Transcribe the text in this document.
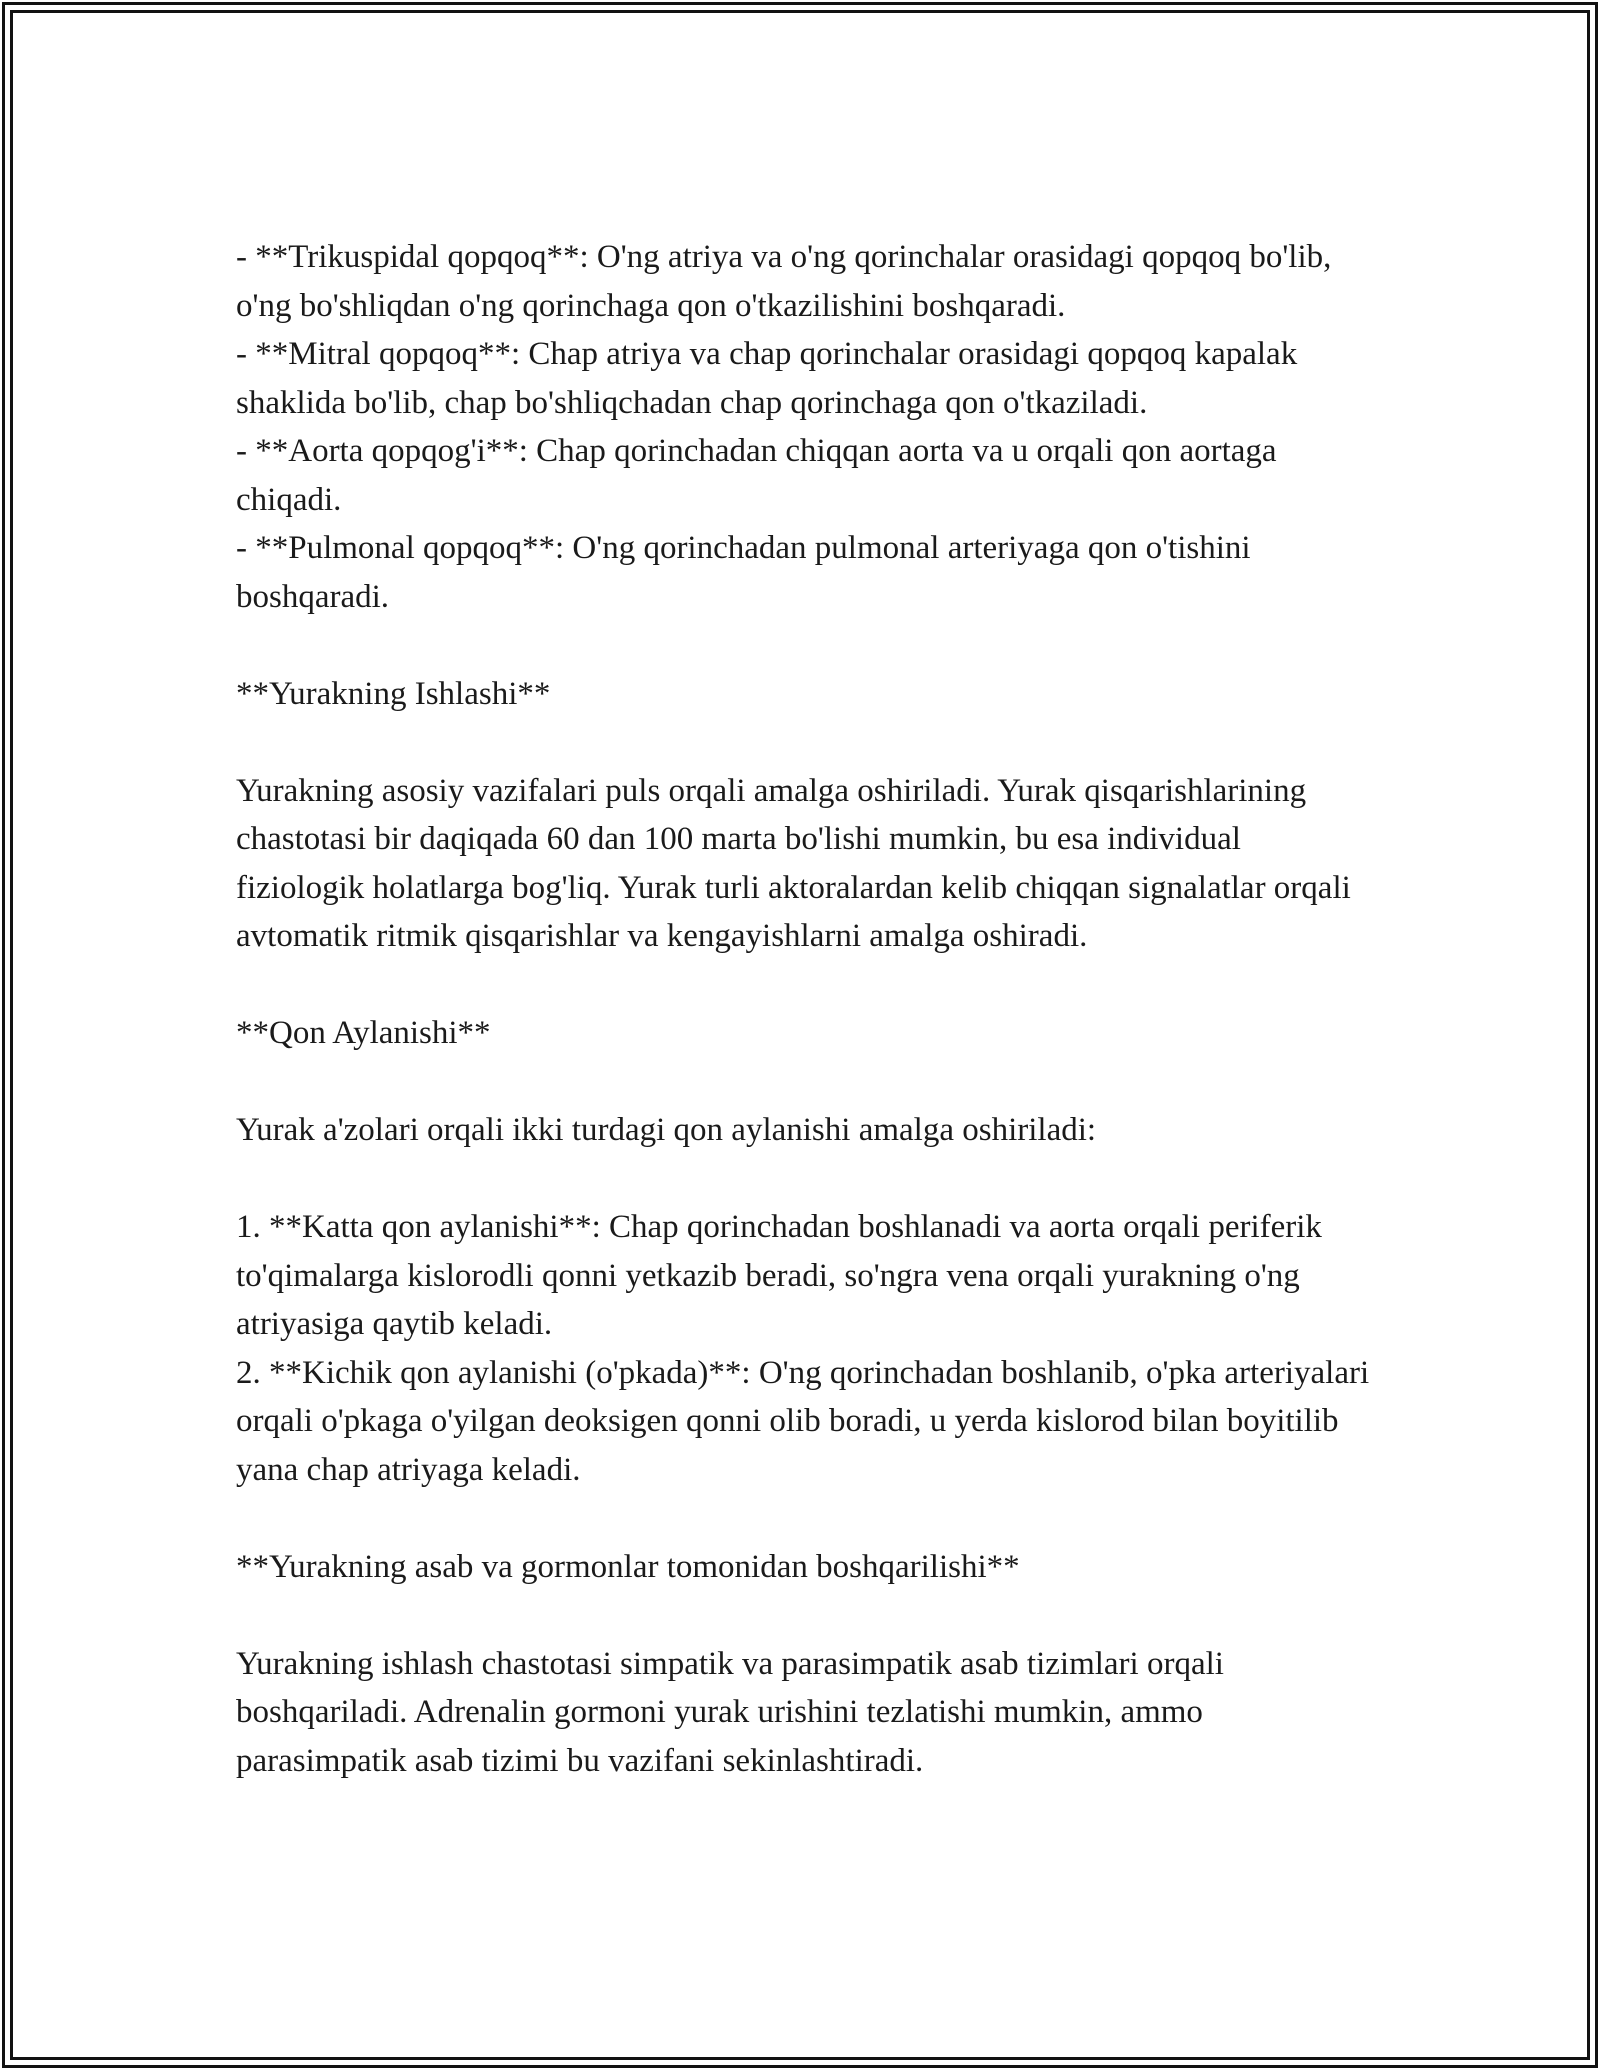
- **Trikuspidal qopqoq**: O'ng atriya va o'ng qorinchalar orasidagi qopqoq bo'lib, o'ng bo'shliqdan o'ng qorinchaga qon o'tkazilishini boshqaradi.

- **Mitral qopqoq**: Chap atriya va chap qorinchalar orasidagi qopqoq kapalak shaklida bo'lib, chap bo'shliqchadan chap qorinchaga qon o'tkaziladi.

- **Aorta qopqog'i**: Chap qorinchadan chiqqan aorta va u orqali qon aortaga chiqadi.

- **Pulmonal qopqoq**: O'ng qorinchadan pulmonal arteriyaga qon o'tishini boshqaradi.

**Yurakning Ishlashi**

Yurakning asosiy vazifalari puls orqali amalga oshiriladi. Yurak qisqarishlarining chastotasi bir daqiqada 60 dan 100 marta bo'lishi mumkin, bu esa individual fiziologik holatlarga bog'liq. Yurak turli aktoralardan kelib chiqqan signalatlar orqali avtomatik ritmik qisqarishlar va kengayishlarni amalga oshiradi.

**Qon Aylanishi**

Yurak a'zolari orqali ikki turdagi qon aylanishi amalga oshiriladi:

1. **Katta qon aylanishi**: Chap qorinchadan boshlanadi va aorta orqali periferik to'qimalarga kislorodli qonni yetkazib beradi, so'ngra vena orqali yurakning o'ng atriyasiga qaytib keladi.

2. **Kichik qon aylanishi (o'pkada)**: O'ng qorinchadan boshlanib, o'pka arteriyalari orqali o'pkaga o'yilgan deoksigen qonni olib boradi, u yerda kislorod bilan boyitilib yana chap atriyaga keladi.

**Yurakning asab va gormonlar tomonidan boshqarilishi**

Yurakning ishlash chastotasi simpatik va parasimpatik asab tizimlari orqali boshqariladi. Adrenalin gormoni yurak urishini tezlatishi mumkin, ammo parasimpatik asab tizimi bu vazifani sekinlashtiradi.
